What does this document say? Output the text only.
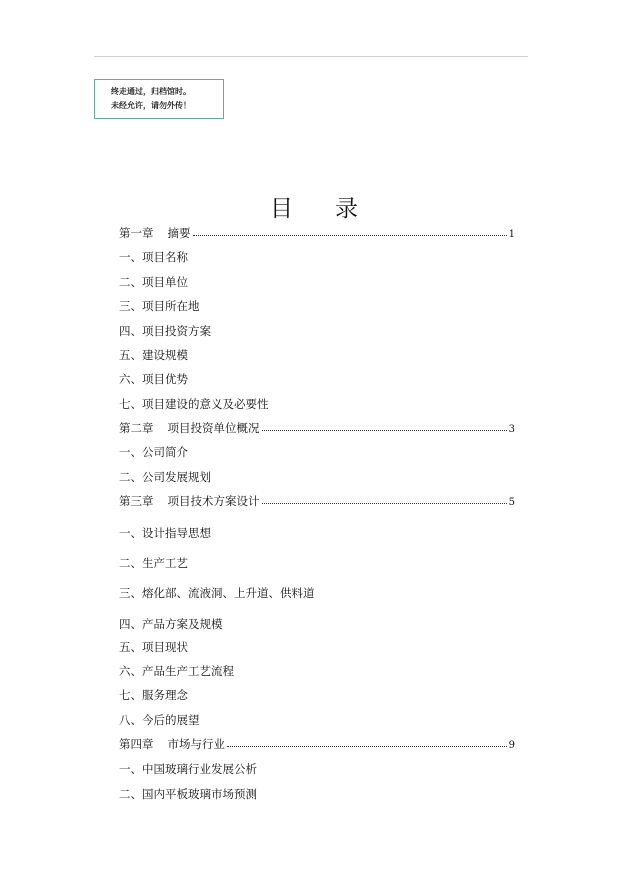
终走通过，归档馆时。
未经允许，请勿外传！
目录
第一章 摘要	1
一、项目名称
二、项目单位
三、项目所在地
四、项目投资方案
五、建设规模
六、项目优势
七、项目建设的意义及必要性
第二章 项目投资单位概况	3
一、公司简介
二、公司发展规划
第三章 项目技术方案设计	5
一、设计指导思想
二、生产工艺
三、熔化部、流液洞、上升道、供料道
四、产品方案及规模
五、项目现状
六、产品生产工艺流程
七、服务理念
八、今后的展望
第四章 市场与行业	9
一、中国玻璃行业发展公析
二、国内平板玻璃市场预测
